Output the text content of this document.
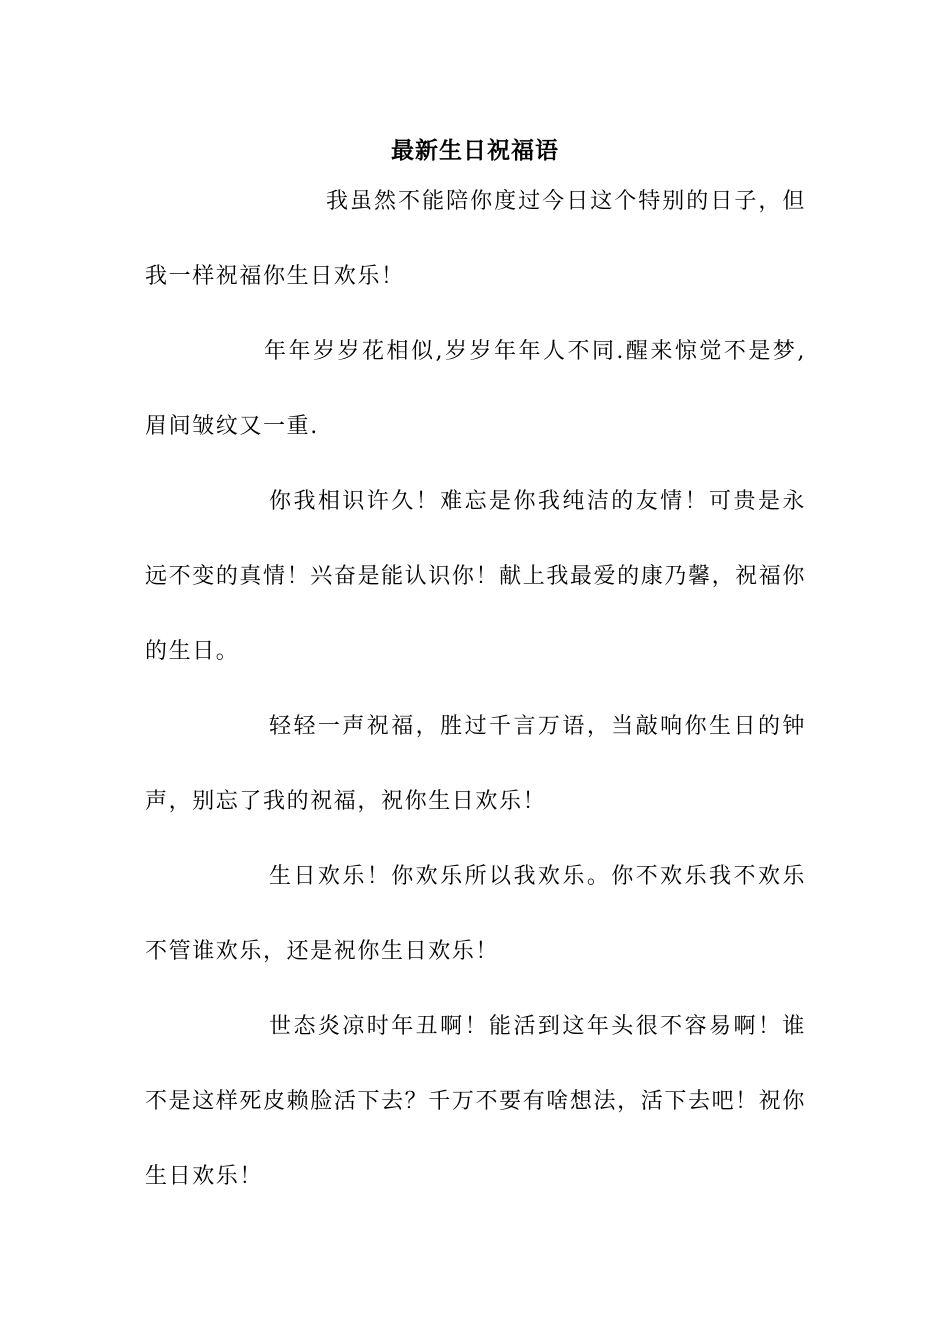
最新生日祝福语

我虽然不能陪你度过今日这个特别的日子，但我一样祝福你生日欢乐！

年年岁岁花相似,岁岁年年人不同.醒来惊觉不是梦,眉间皱纹又一重.

你我相识许久！难忘是你我纯洁的友情！可贵是永远不变的真情！兴奋是能认识你！献上我最爱的康乃馨，祝福你的生日。

轻轻一声祝福，胜过千言万语，当敲响你生日的钟声，别忘了我的祝福，祝你生日欢乐！

生日欢乐！你欢乐所以我欢乐。你不欢乐我不欢乐不管谁欢乐，还是祝你生日欢乐！

世态炎凉时年丑啊！能活到这年头很不容易啊！谁不是这样死皮赖脸活下去？千万不要有啥想法，活下去吧！祝你生日欢乐！
